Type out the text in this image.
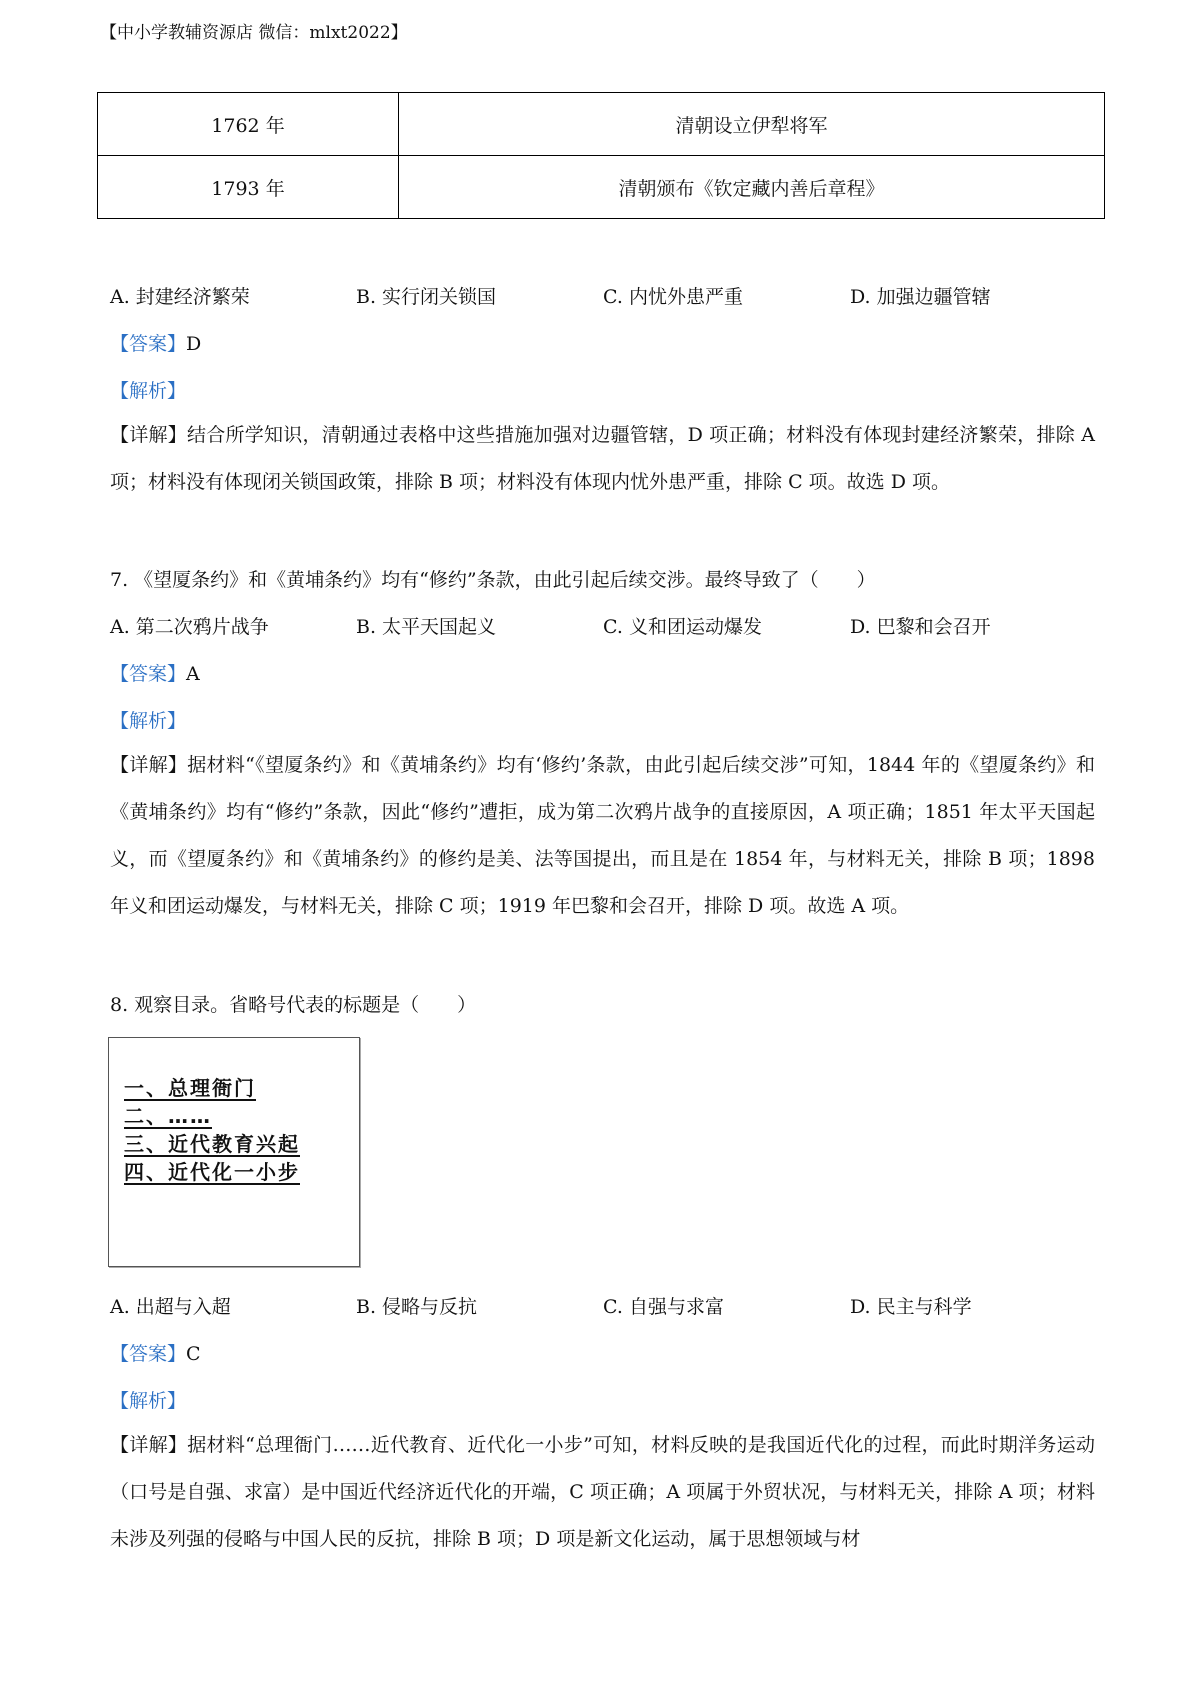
【中小学教辅资源店 微信：mlxt2022】
1762 年	清朝设立伊犁将军
1793 年	清朝颁布《钦定藏内善后章程》
A. 封建经济繁荣	B. 实行闭关锁国	C. 内忧外患严重	D. 加强边疆管辖
【答案】D
【解析】
【详解】结合所学知识，清朝通过表格中这些措施加强对边疆管辖，D 项正确；材料没有体现封建经济繁荣，排除 A 项；材料没有体现闭关锁国政策，排除 B 项；材料没有体现内忧外患严重，排除 C 项。故选 D 项。
7. 《望厦条约》和《黄埔条约》均有“修约”条款，由此引起后续交涉。最终导致了（　　）
A. 第二次鸦片战争	B. 太平天国起义	C. 义和团运动爆发	D. 巴黎和会召开
【答案】A
【解析】
【详解】据材料“《望厦条约》和《黄埔条约》均有‘修约’条款，由此引起后续交涉”可知，1844 年的《望厦条约》和《黄埔条约》均有“修约”条款，因此“修约”遭拒，成为第二次鸦片战争的直接原因，A 项正确；1851 年太平天国起义，而《望厦条约》和《黄埔条约》的修约是美、法等国提出，而且是在 1854 年，与材料无关，排除 B 项；1898 年义和团运动爆发，与材料无关，排除 C 项；1919 年巴黎和会召开，排除 D 项。故选 A 项。
8. 观察目录。省略号代表的标题是（　　）
一、总理衙门
二、……
三、近代教育兴起
四、近代化一小步
A. 出超与入超	B. 侵略与反抗	C. 自强与求富	D. 民主与科学
【答案】C
【解析】
【详解】据材料“总理衙门……近代教育、近代化一小步”可知，材料反映的是我国近代化的过程，而此时期洋务运动（口号是自强、求富）是中国近代经济近代化的开端，C 项正确；A 项属于外贸状况，与材料无关，排除 A 项；材料未涉及列强的侵略与中国人民的反抗，排除 B 项；D 项是新文化运动，属于思想领域与材
